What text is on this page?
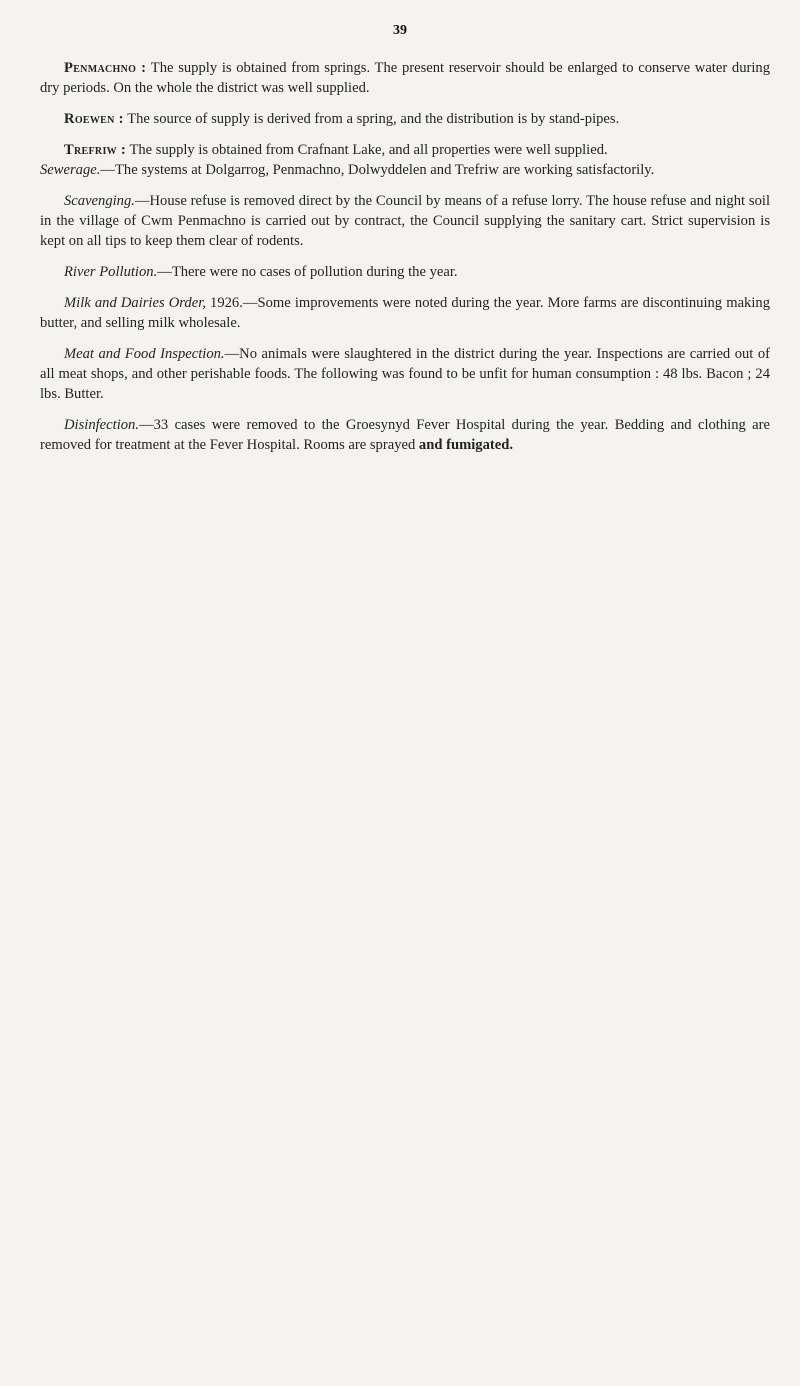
39

Penmachno : The supply is obtained from springs. The present reservoir should be enlarged to conserve water during dry periods. On the whole the district was well supplied.

Roewen : The source of supply is derived from a spring, and the distribution is by stand-pipes.

Trefriw : The supply is obtained from Crafnant Lake, and all properties were well supplied.

Sewerage.—The systems at Dolgarrog, Penmachno, Dolwyddelen and Trefriw are working satisfactorily.

Scavenging.—House refuse is removed direct by the Council by means of a refuse lorry. The house refuse and night soil in the village of Cwm Penmachno is carried out by contract, the Council supplying the sanitary cart. Strict supervision is kept on all tips to keep them clear of rodents.

River Pollution.—There were no cases of pollution during the year.

Milk and Dairies Order, 1926.—Some improvements were noted during the year. More farms are discontinuing making butter, and selling milk wholesale.

Meat and Food Inspection.—No animals were slaughtered in the district during the year. Inspections are carried out of all meat shops, and other perishable foods. The following was found to be unfit for human consumption : 48 lbs. Bacon ; 24 lbs. Butter.

Disinfection.—33 cases were removed to the Groesynyd Fever Hospital during the year. Bedding and clothing are removed for treatment at the Fever Hospital. Rooms are sprayed and fumigated.
